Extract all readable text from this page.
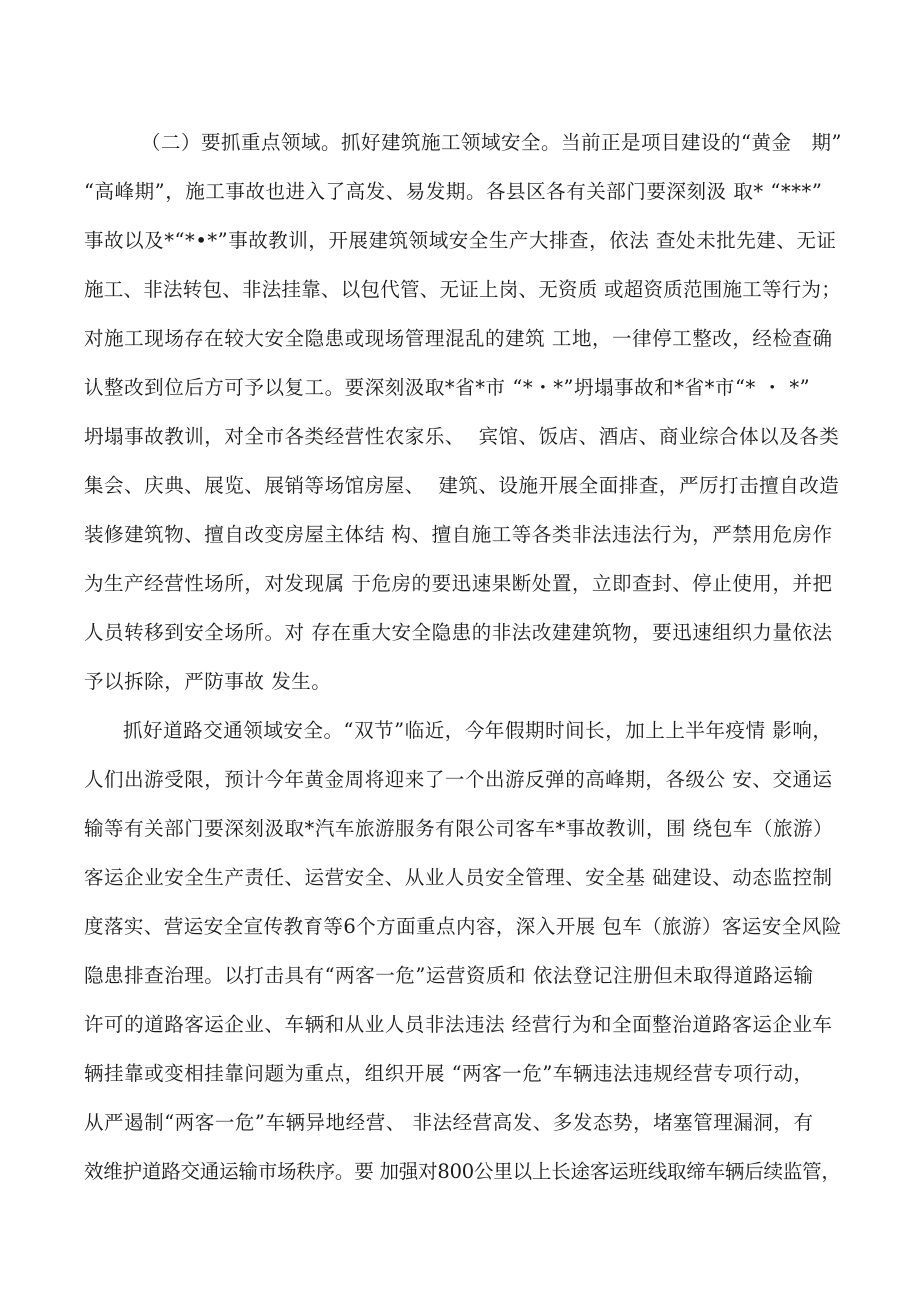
（二）要抓重点领域。抓好建筑施工领域安全。当前正是项目建设的“黄金　期”

“高峰期”，施工事故也进入了高发、易发期。各县区各有关部门要深刻汲 取* “***”

事故以及*“*•*”事故教训，开展建筑领域安全生产大排查，依法 查处未批先建、无证

施工、非法转包、非法挂靠、以包代管、无证上岗、无资质 或超资质范围施工等行为；

对施工现场存在较大安全隐患或现场管理混乱的建筑 工地，一律停工整改，经检查确

认整改到位后方可予以复工。要深刻汲取*省*市 “*・*”坍塌事故和*省*市“* ・ *”

坍塌事故教训，对全市各类经营性农家乐、  宾馆、饭店、酒店、商业综合体以及各类

集会、庆典、展览、展销等场馆房屋、  建筑、设施开展全面排查，严厉打击擅自改造

装修建筑物、擅自改变房屋主体结 构、擅自施工等各类非法违法行为，严禁用危房作

为生产经营性场所，对发现属 于危房的要迅速果断处置，立即查封、停止使用，并把

人员转移到安全场所。对 存在重大安全隐患的非法改建建筑物，要迅速组织力量依法

予以拆除，严防事故 发生。

抓好道路交通领域安全。“双节”临近，今年假期时间长，加上上半年疫情 影响，

人们出游受限，预计今年黄金周将迎来了一个出游反弹的高峰期，各级公 安、交通运

输等有关部门要深刻汲取*汽车旅游服务有限公司客车*事故教训，围 绕包车（旅游）

客运企业安全生产责任、运营安全、从业人员安全管理、安全基 础建设、动态监控制

度落实、营运安全宣传教育等6个方面重点内容，深入开展 包车（旅游）客运安全风险

隐患排查治理。以打击具有“两客一危”运营资质和 依法登记注册但未取得道路运输

许可的道路客运企业、车辆和从业人员非法违法 经营行为和全面整治道路客运企业车

辆挂靠或变相挂靠问题为重点，组织开展 “两客一危”车辆违法违规经营专项行动，

从严遏制“两客一危”车辆异地经营、 非法经营高发、多发态势，堵塞管理漏洞，有

效维护道路交通运输市场秩序。要 加强对800公里以上长途客运班线取缔车辆后续监管，
